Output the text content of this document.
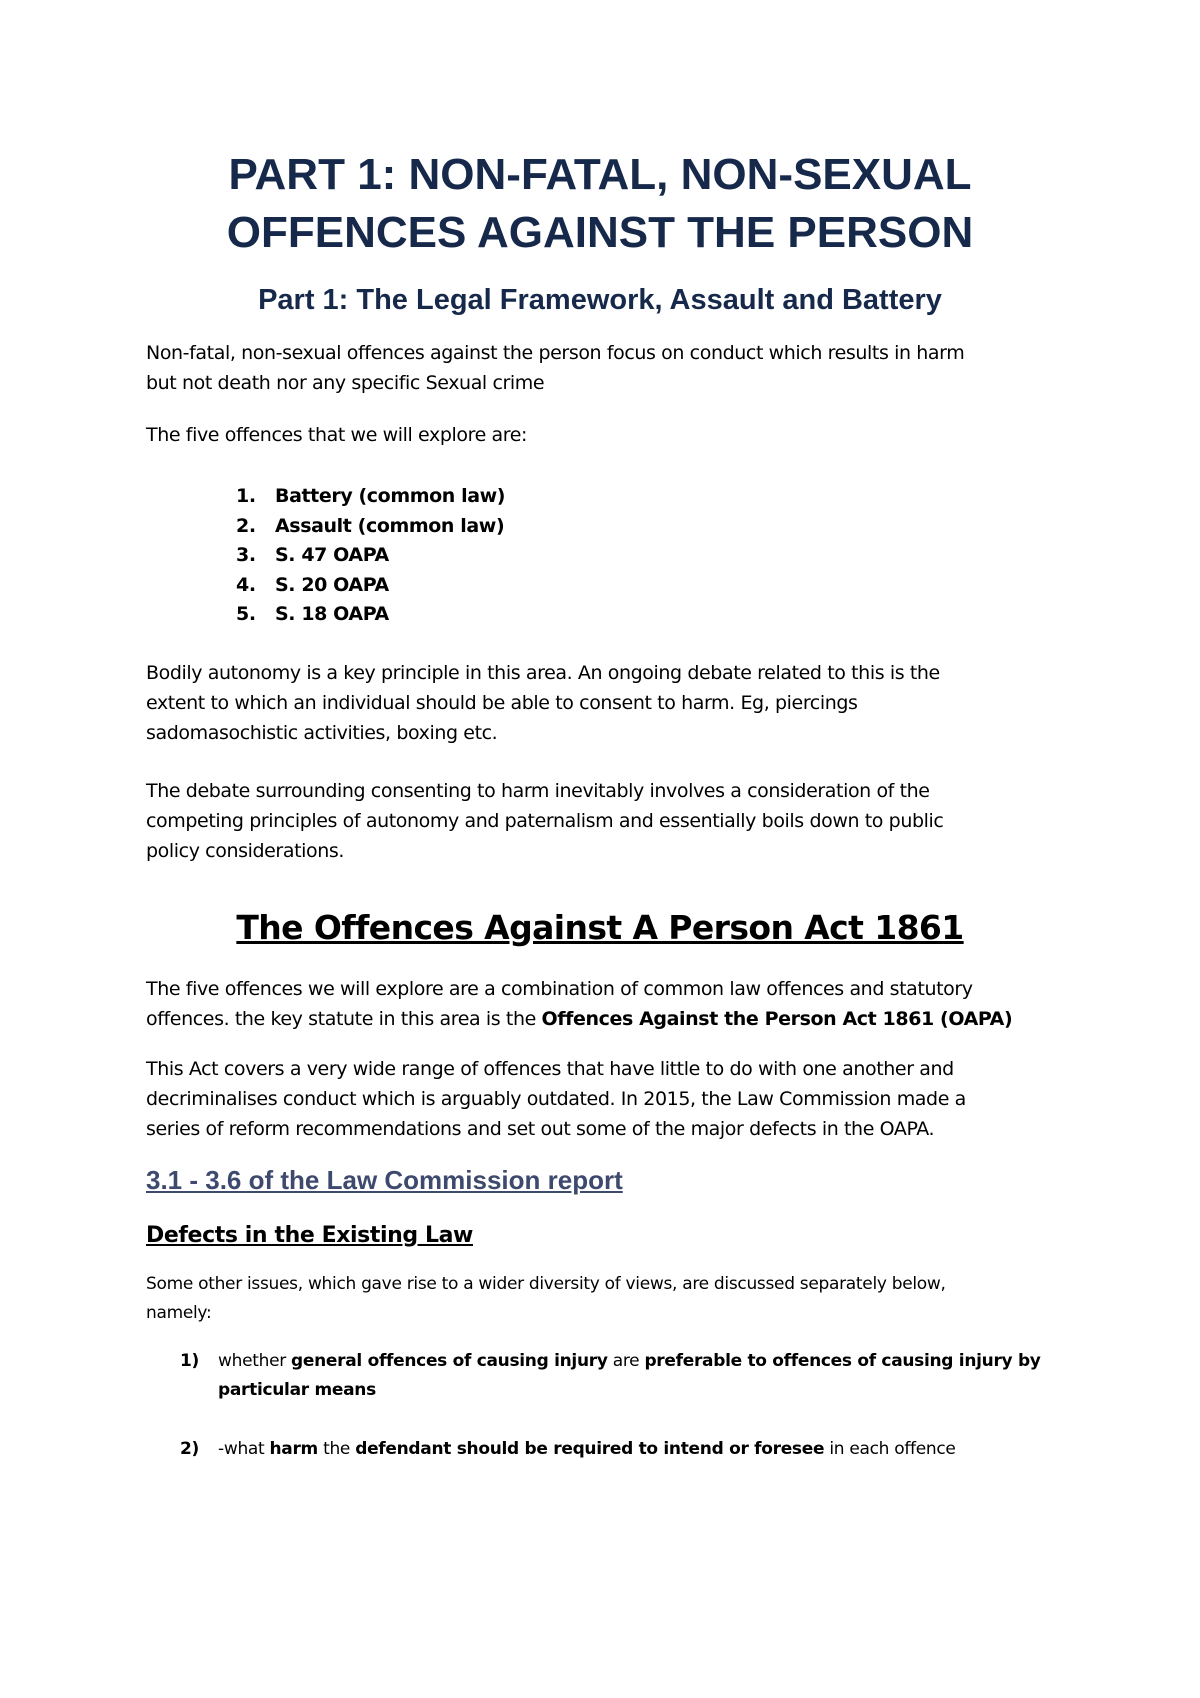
PART 1: NON-FATAL, NON-SEXUAL
OFFENCES AGAINST THE PERSON
Part 1: The Legal Framework, Assault and Battery
Non-fatal, non-sexual offences against the person focus on conduct which results in harm
but not death nor any specific Sexual crime
The five offences that we will explore are:
1. Battery (common law)
2. Assault (common law)
3. S. 47 OAPA
4. S. 20 OAPA
5. S. 18 OAPA
Bodily autonomy is a key principle in this area. An ongoing debate related to this is the
extent to which an individual should be able to consent to harm. Eg, piercings
sadomasochistic activities, boxing etc.
The debate surrounding consenting to harm inevitably involves a consideration of the
competing principles of autonomy and paternalism and essentially boils down to public
policy considerations.
The Offences Against A Person Act 1861
The five offences we will explore are a combination of common law offences and statutory
offences. the key statute in this area is the Offences Against the Person Act 1861 (OAPA)
This Act covers a very wide range of offences that have little to do with one another and
decriminalises conduct which is arguably outdated. In 2015, the Law Commission made a
series of reform recommendations and set out some of the major defects in the OAPA.
3.1 - 3.6 of the Law Commission report
Defects in the Existing Law
Some other issues, which gave rise to a wider diversity of views, are discussed separately below,
namely:
1) whether general offences of causing injury are preferable to offences of causing injury by particular means
2) -what harm the defendant should be required to intend or foresee in each offence
